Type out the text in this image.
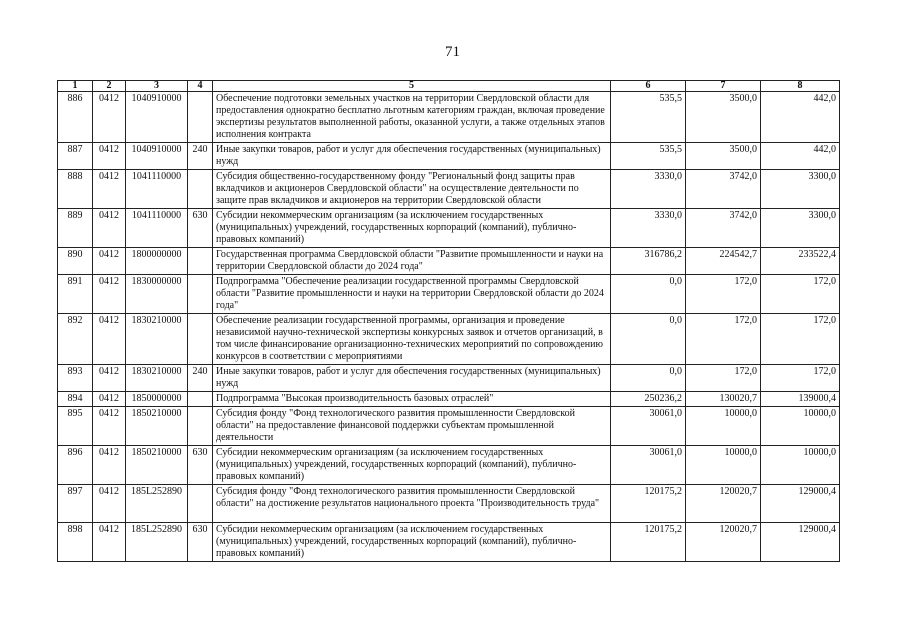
71
1	2	3	4	5	6	7	8
886	0412	1040910000		Обеспечение подготовки земельных участков на территории Свердловской области для предоставления однократно бесплатно льготным категориям граждан, включая проведение экспертизы результатов выполненной работы, оказанной услуги, а также отдельных этапов исполнения контракта	535,5	3500,0	442,0
887	0412	1040910000	240	Иные закупки товаров, работ и услуг для обеспечения государственных (муниципальных) нужд	535,5	3500,0	442,0
888	0412	1041110000		Субсидия общественно-государственному фонду "Региональный фонд защиты прав вкладчиков и акционеров Свердловской области" на осуществление деятельности по защите прав вкладчиков и акционеров на территории Свердловской области	3330,0	3742,0	3300,0
889	0412	1041110000	630	Субсидии некоммерческим организациям (за исключением государственных (муниципальных) учреждений, государственных корпораций (компаний), публично-правовых компаний)	3330,0	3742,0	3300,0
890	0412	1800000000		Государственная программа Свердловской области "Развитие промышленности и науки на территории Свердловской области до 2024 года"	316786,2	224542,7	233522,4
891	0412	1830000000		Подпрограмма "Обеспечение реализации государственной программы Свердловской области "Развитие промышленности и науки на территории Свердловской области до 2024 года"	0,0	172,0	172,0
892	0412	1830210000		Обеспечение реализации государственной программы, организация и проведение независимой научно-технической экспертизы конкурсных заявок и отчетов организаций, в том числе финансирование организационно-технических мероприятий по сопровождению конкурсов в соответствии с мероприятиями	0,0	172,0	172,0
893	0412	1830210000	240	Иные закупки товаров, работ и услуг для обеспечения государственных (муниципальных) нужд	0,0	172,0	172,0
894	0412	1850000000		Подпрограмма "Высокая производительность базовых отраслей"	250236,2	130020,7	139000,4
895	0412	1850210000		Субсидия фонду "Фонд технологического развития промышленности Свердловской области" на предоставление финансовой поддержки субъектам промышленной деятельности	30061,0	10000,0	10000,0
896	0412	1850210000	630	Субсидии некоммерческим организациям (за исключением государственных (муниципальных) учреждений, государственных корпораций (компаний), публично-правовых компаний)	30061,0	10000,0	10000,0
897	0412	185L252890		Субсидия фонду "Фонд технологического развития промышленности Свердловской области" на достижение результатов национального проекта "Производительность труда"	120175,2	120020,7	129000,4
898	0412	185L252890	630	Субсидии некоммерческим организациям (за исключением государственных (муниципальных) учреждений, государственных корпораций (компаний), публично-правовых компаний)	120175,2	120020,7	129000,4
